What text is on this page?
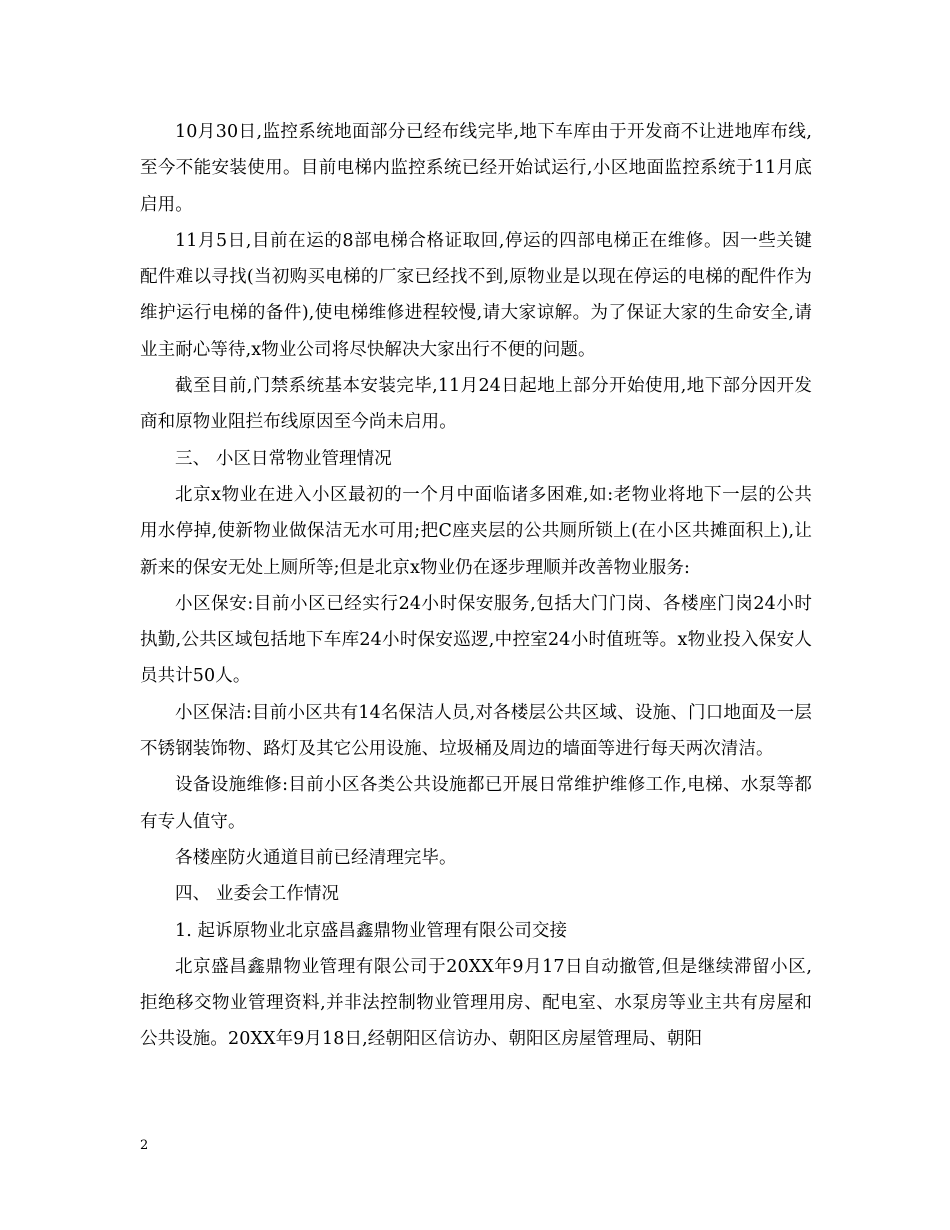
10月30日,监控系统地面部分已经布线完毕,地下车库由于开发商不让进地库布线,至今不能安装使用。目前电梯内监控系统已经开始试运行,小区地面监控系统于11月底启用。

11月5日,目前在运的8部电梯合格证取回,停运的四部电梯正在维修。因一些关键配件难以寻找(当初购买电梯的厂家已经找不到,原物业是以现在停运的电梯的配件作为维护运行电梯的备件),使电梯维修进程较慢,请大家谅解。为了保证大家的生命安全,请业主耐心等待,x物业公司将尽快解决大家出行不便的问题。

截至目前,门禁系统基本安装完毕,11月24日起地上部分开始使用,地下部分因开发商和原物业阻拦布线原因至今尚未启用。

三、 小区日常物业管理情况

北京x物业在进入小区最初的一个月中面临诸多困难,如:老物业将地下一层的公共用水停掉,使新物业做保洁无水可用;把C座夹层的公共厕所锁上(在小区共摊面积上),让新来的保安无处上厕所等;但是北京x物业仍在逐步理顺并改善物业服务:

小区保安:目前小区已经实行24小时保安服务,包括大门门岗、各楼座门岗24小时执勤,公共区域包括地下车库24小时保安巡逻,中控室24小时值班等。x物业投入保安人员共计50人。

小区保洁:目前小区共有14名保洁人员,对各楼层公共区域、设施、门口地面及一层不锈钢装饰物、路灯及其它公用设施、垃圾桶及周边的墙面等进行每天两次清洁。

设备设施维修:目前小区各类公共设施都已开展日常维护维修工作,电梯、水泵等都有专人值守。

各楼座防火通道目前已经清理完毕。

四、 业委会工作情况

1. 起诉原物业北京盛昌鑫鼎物业管理有限公司交接

北京盛昌鑫鼎物业管理有限公司于20XX年9月17日自动撤管,但是继续滞留小区,拒绝移交物业管理资料,并非法控制物业管理用房、配电室、水泵房等业主共有房屋和公共设施。20XX年9月18日,经朝阳区信访办、朝阳区房屋管理局、朝阳

2
